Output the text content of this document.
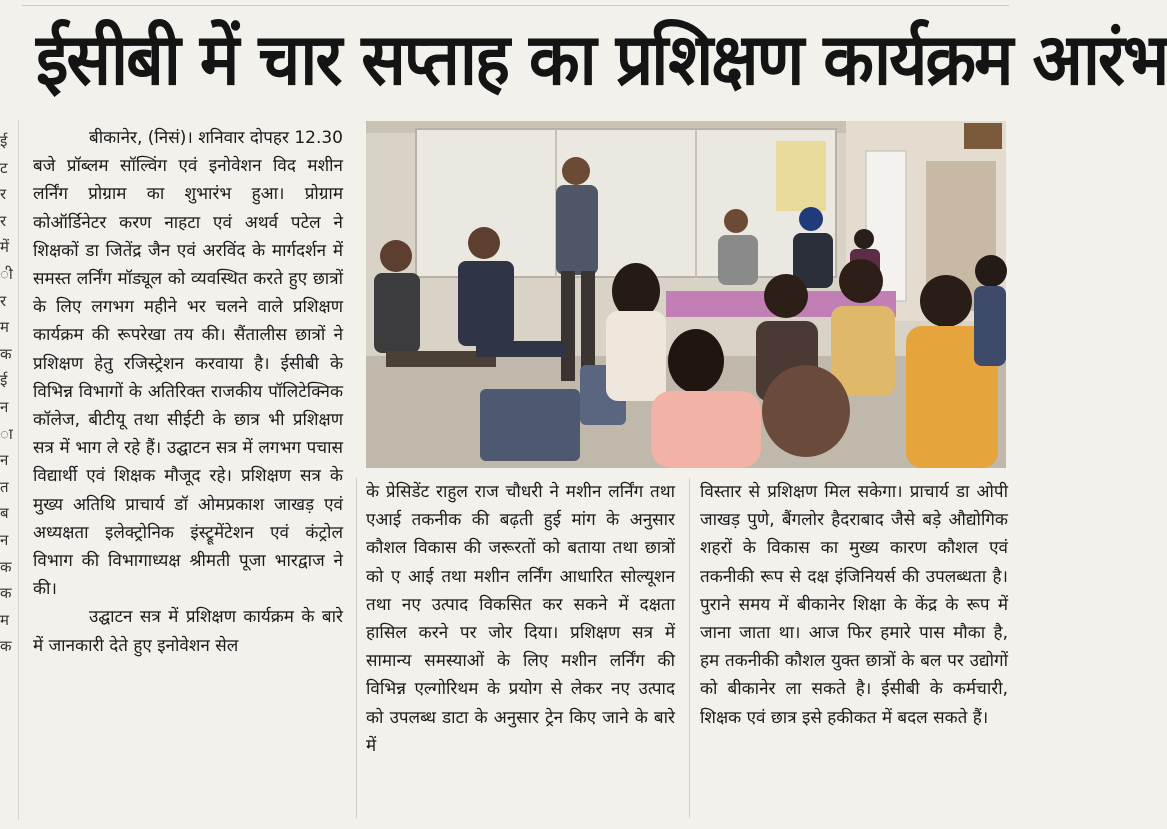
ई
ट
र
र
में
ी
र
म
क
ई
न
ा
न
त
ब
न
क
क
म
क
ईसीबी में चार सप्ताह का प्रशिक्षण कार्यक्रम आरंभ

बीकानेर, (निसं)। शनिवार दोपहर 12.30 बजे प्रॉब्लम सॉल्विंग एवं इनोवेशन विद मशीन लर्निंग प्रोग्राम का शुभारंभ हुआ। प्रोग्राम कोऑर्डिनेटर करण नाहटा एवं अथर्व पटेल ने शिक्षकों डा जितेंद्र जैन एवं अरविंद के मार्गदर्शन में समस्त लर्निंग मॉड्यूल को व्यवस्थित करते हुए छात्रों के लिए लगभग महीने भर चलने वाले प्रशिक्षण कार्यक्रम की रूपरेखा तय की। सैंतालीस छात्रों ने प्रशिक्षण हेतु रजिस्ट्रेशन करवाया है। ईसीबी के विभिन्न विभागों के अतिरिक्त राजकीय पॉलिटेक्निक कॉलेज, बीटीयू तथा सीईटी के छात्र भी प्रशिक्षण सत्र में भाग ले रहे हैं। उद्घाटन सत्र में लगभग पचास विद्यार्थी एवं शिक्षक मौजूद रहे। प्रशिक्षण सत्र के मुख्य अतिथि प्राचार्य डॉ ओमप्रकाश जाखड़ एवं अध्यक्षता इलेक्ट्रोनिक इंस्ट्रूमेंटेशन एवं कंट्रोल विभाग की विभागाध्यक्ष श्रीमती पूजा भारद्वाज ने की।

उद्घाटन सत्र में प्रशिक्षण कार्यक्रम के बारे में जानकारी देते हुए इनोवेशन सेल

के प्रेसिडेंट राहुल राज चौधरी ने मशीन लर्निंग तथा एआई तकनीक की बढ़ती हुई मांग के अनुसार कौशल विकास की जरूरतों को बताया तथा छात्रों को ए आई तथा मशीन लर्निंग आधारित सोल्यूशन तथा नए उत्पाद विकसित कर सकने में दक्षता हासिल करने पर जोर दिया। प्रशिक्षण सत्र में सामान्य समस्याओं के लिए मशीन लर्निंग की विभिन्न एल्गोरिथम के प्रयोग से लेकर नए उत्पाद को उपलब्ध डाटा के अनुसार ट्रेन किए जाने के बारे में

विस्तार से प्रशिक्षण मिल सकेगा। प्राचार्य डा ओपी जाखड़ पुणे, बैंगलोर हैदराबाद जैसे बड़े औद्योगिक शहरों के विकास का मुख्य कारण कौशल एवं तकनीकी रूप से दक्ष इंजिनियर्स की उपलब्धता है। पुराने समय में बीकानेर शिक्षा के केंद्र के रूप में जाना जाता था। आज फिर हमारे पास मौका है, हम तकनीकी कौशल युक्त छात्रों के बल पर उद्योगों को बीकानेर ला सकते है। ईसीबी के कर्मचारी, शिक्षक एवं छात्र इसे हकीकत में बदल सकते हैं।
